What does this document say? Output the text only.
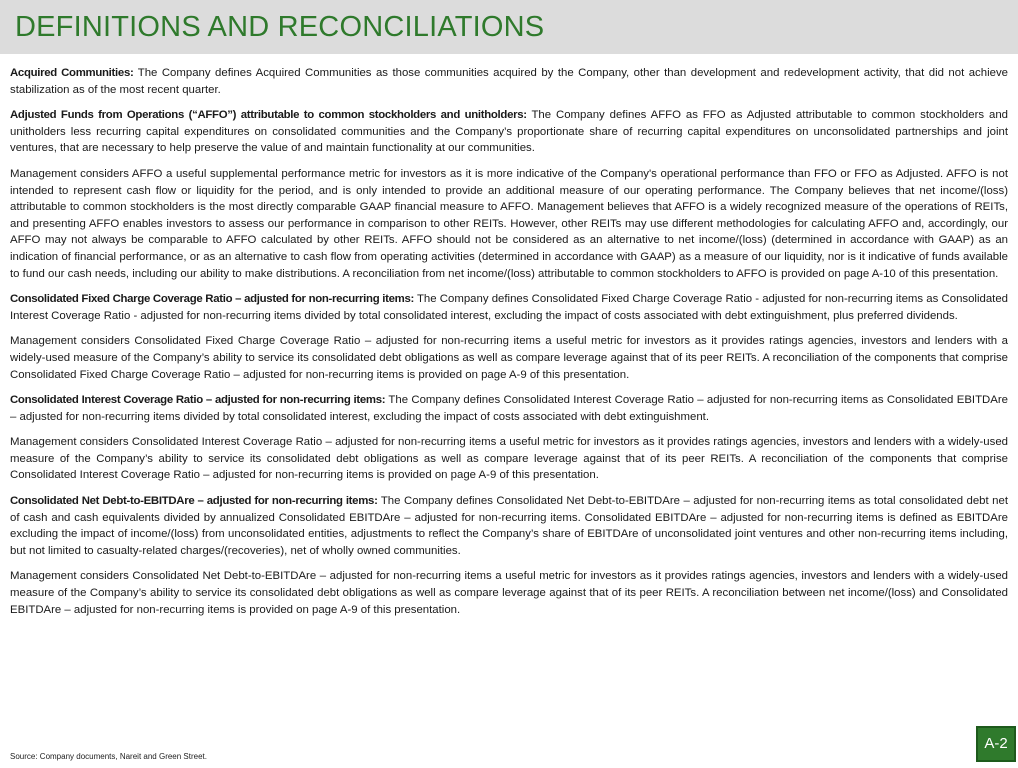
DEFINITIONS AND RECONCILIATIONS

Acquired Communities: The Company defines Acquired Communities as those communities acquired by the Company, other than development and redevelopment activity, that did not achieve stabilization as of the most recent quarter.

Adjusted Funds from Operations (“AFFO”) attributable to common stockholders and unitholders: The Company defines AFFO as FFO as Adjusted attributable to common stockholders and unitholders less recurring capital expenditures on consolidated communities and the Company’s proportionate share of recurring capital expenditures on unconsolidated partnerships and joint ventures, that are necessary to help preserve the value of and maintain functionality at our communities.

Management considers AFFO a useful supplemental performance metric for investors as it is more indicative of the Company's operational performance than FFO or FFO as Adjusted. AFFO is not intended to represent cash flow or liquidity for the period, and is only intended to provide an additional measure of our operating performance. The Company believes that net income/(loss) attributable to common stockholders is the most directly comparable GAAP financial measure to AFFO. Management believes that AFFO is a widely recognized measure of the operations of REITs, and presenting AFFO enables investors to assess our performance in comparison to other REITs. However, other REITs may use different methodologies for calculating AFFO and, accordingly, our AFFO may not always be comparable to AFFO calculated by other REITs. AFFO should not be considered as an alternative to net income/(loss) (determined in accordance with GAAP) as an indication of financial performance, or as an alternative to cash flow from operating activities (determined in accordance with GAAP) as a measure of our liquidity, nor is it indicative of funds available to fund our cash needs, including our ability to make distributions. A reconciliation from net income/(loss) attributable to common stockholders to AFFO is provided on page A-10 of this presentation.

Consolidated Fixed Charge Coverage Ratio – adjusted for non-recurring items: The Company defines Consolidated Fixed Charge Coverage Ratio - adjusted for non-recurring items as Consolidated Interest Coverage Ratio - adjusted for non-recurring items divided by total consolidated interest, excluding the impact of costs associated with debt extinguishment, plus preferred dividends.

Management considers Consolidated Fixed Charge Coverage Ratio – adjusted for non-recurring items a useful metric for investors as it provides ratings agencies, investors and lenders with a widely-used measure of the Company’s ability to service its consolidated debt obligations as well as compare leverage against that of its peer REITs. A reconciliation of the components that comprise Consolidated Fixed Charge Coverage Ratio – adjusted for non-recurring items is provided on page A-9 of this presentation.

Consolidated Interest Coverage Ratio – adjusted for non-recurring items: The Company defines Consolidated Interest Coverage Ratio – adjusted for non-recurring items as Consolidated EBITDAre – adjusted for non-recurring items divided by total consolidated interest, excluding the impact of costs associated with debt extinguishment.

Management considers Consolidated Interest Coverage Ratio – adjusted for non-recurring items a useful metric for investors as it provides ratings agencies, investors and lenders with a widely-used measure of the Company’s ability to service its consolidated debt obligations as well as compare leverage against that of its peer REITs. A reconciliation of the components that comprise Consolidated Interest Coverage Ratio – adjusted for non-recurring items is provided on page A-9 of this presentation.

Consolidated Net Debt-to-EBITDAre – adjusted for non-recurring items: The Company defines Consolidated Net Debt-to-EBITDAre – adjusted for non-recurring items as total consolidated debt net of cash and cash equivalents divided by annualized Consolidated EBITDAre – adjusted for non-recurring items. Consolidated EBITDAre – adjusted for non-recurring items is defined as EBITDAre excluding the impact of income/(loss) from unconsolidated entities, adjustments to reflect the Company’s share of EBITDAre of unconsolidated joint ventures and other non-recurring items including, but not limited to casualty-related charges/(recoveries), net of wholly owned communities.

Management considers Consolidated Net Debt-to-EBITDAre – adjusted for non-recurring items a useful metric for investors as it provides ratings agencies, investors and lenders with a widely-used measure of the Company’s ability to service its consolidated debt obligations as well as compare leverage against that of its peer REITs. A reconciliation between net income/(loss) and Consolidated EBITDAre – adjusted for non-recurring items is provided on page A-9 of this presentation.

Source: Company documents, Nareit and Green Street.
A-2
